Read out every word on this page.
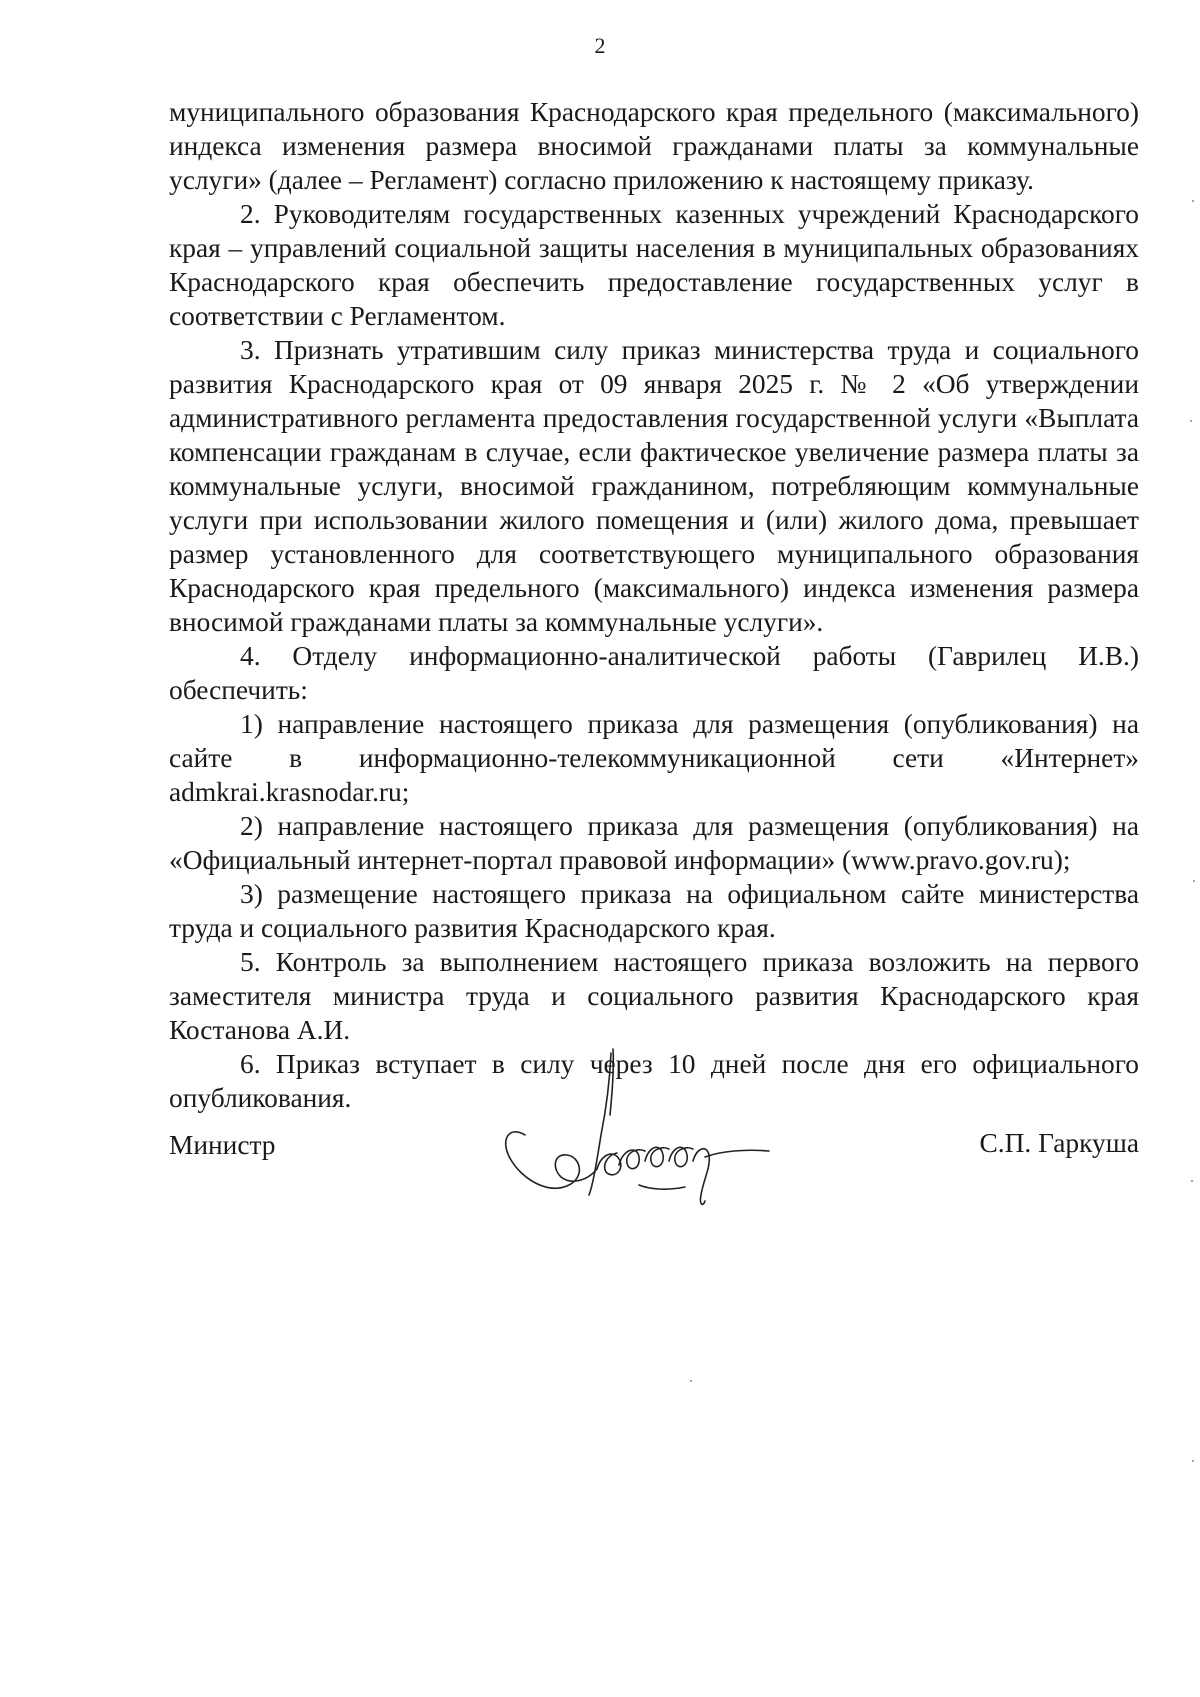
2

муниципального образования Краснодарского края предельного (максимального) индекса изменения размера вносимой гражданами платы за коммунальные услуги» (далее – Регламент) согласно приложению к настоящему приказу.

2. Руководителям государственных казенных учреждений Краснодарского края – управлений социальной защиты населения в муниципальных образованиях Краснодарского края обеспечить предоставление государственных услуг в соответствии с Регламентом.

3. Признать утратившим силу приказ министерства труда и социального развития Краснодарского края от 09 января 2025 г. № 2 «Об утверждении административного регламента предоставления государственной услуги «Выплата компенсации гражданам в случае, если фактическое увеличение размера платы за коммунальные услуги, вносимой гражданином, потребляющим коммунальные услуги при использовании жилого помещения и (или) жилого дома, превышает размер установленного для соответствующего муниципального образования Краснодарского края предельного (максимального) индекса изменения размера вносимой гражданами платы за коммунальные услуги».

4. Отделу информационно-аналитической работы (Гаврилец И.В.) обеспечить:

1) направление настоящего приказа для размещения (опубликования) на сайте в информационно-телекоммуникационной сети «Интернет» admkrai.krasnodar.ru;

2) направление настоящего приказа для размещения (опубликования) на «Официальный интернет-портал правовой информации» (www.pravo.gov.ru);

3) размещение настоящего приказа на официальном сайте министерства труда и социального развития Краснодарского края.

5. Контроль за выполнением настоящего приказа возложить на первого заместителя министра труда и социального развития Краснодарского края Костанова А.И.

6. Приказ вступает в силу через 10 дней после дня его официального опубликования.

Министр	С.П. Гаркуша
